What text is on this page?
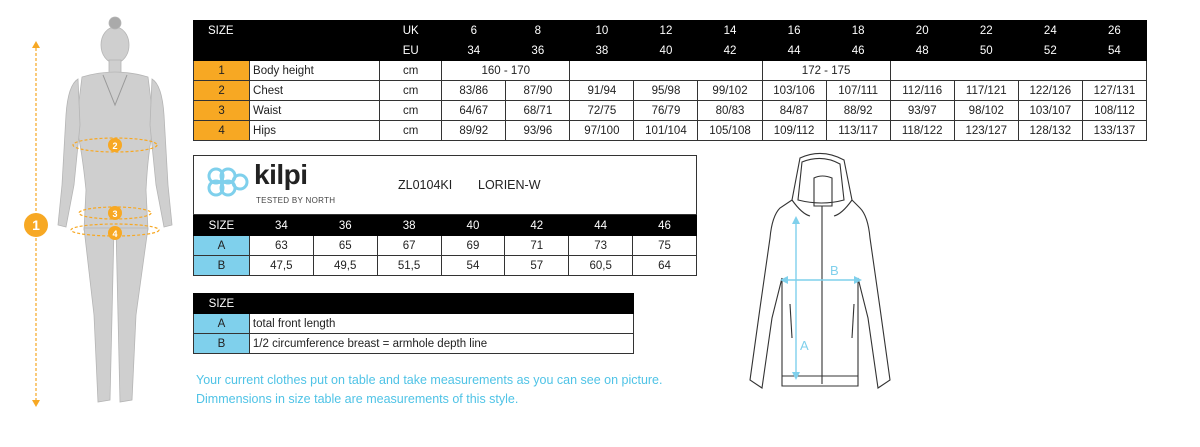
1
2
3
4
SIZE		UK	6	8	10	12	14	16	18	20	22	24	26
		EU	34	36	38	40	42	44	46	48	50	52	54
1	Body height	cm	160 - 170					172 - 175					
2	Chest	cm	83/86	87/90	91/94	95/98	99/102	103/106	107/111	112/116	117/121	122/126	127/131
3	Waist	cm	64/67	68/71	72/75	76/79	80/83	84/87	88/92	93/97	98/102	103/107	108/112
4	Hips	cm	89/92	93/96	97/100	101/104	105/108	109/112	113/117	118/122	123/127	128/132	133/137
kilpi
TESTED BY NORTH
ZL0104KI LORIEN-W
SIZE	34	36	38	40	42	44	46
A	63	65	67	69	71	73	75
B	47,5	49,5	51,5	54	57	60,5	64
SIZE	
A	total front length
B	1/2 circumference breast = armhole depth line
Your current clothes put on table and take measurements as you can see on picture.
Dimmensions in size table are measurements of this style.
A
B
